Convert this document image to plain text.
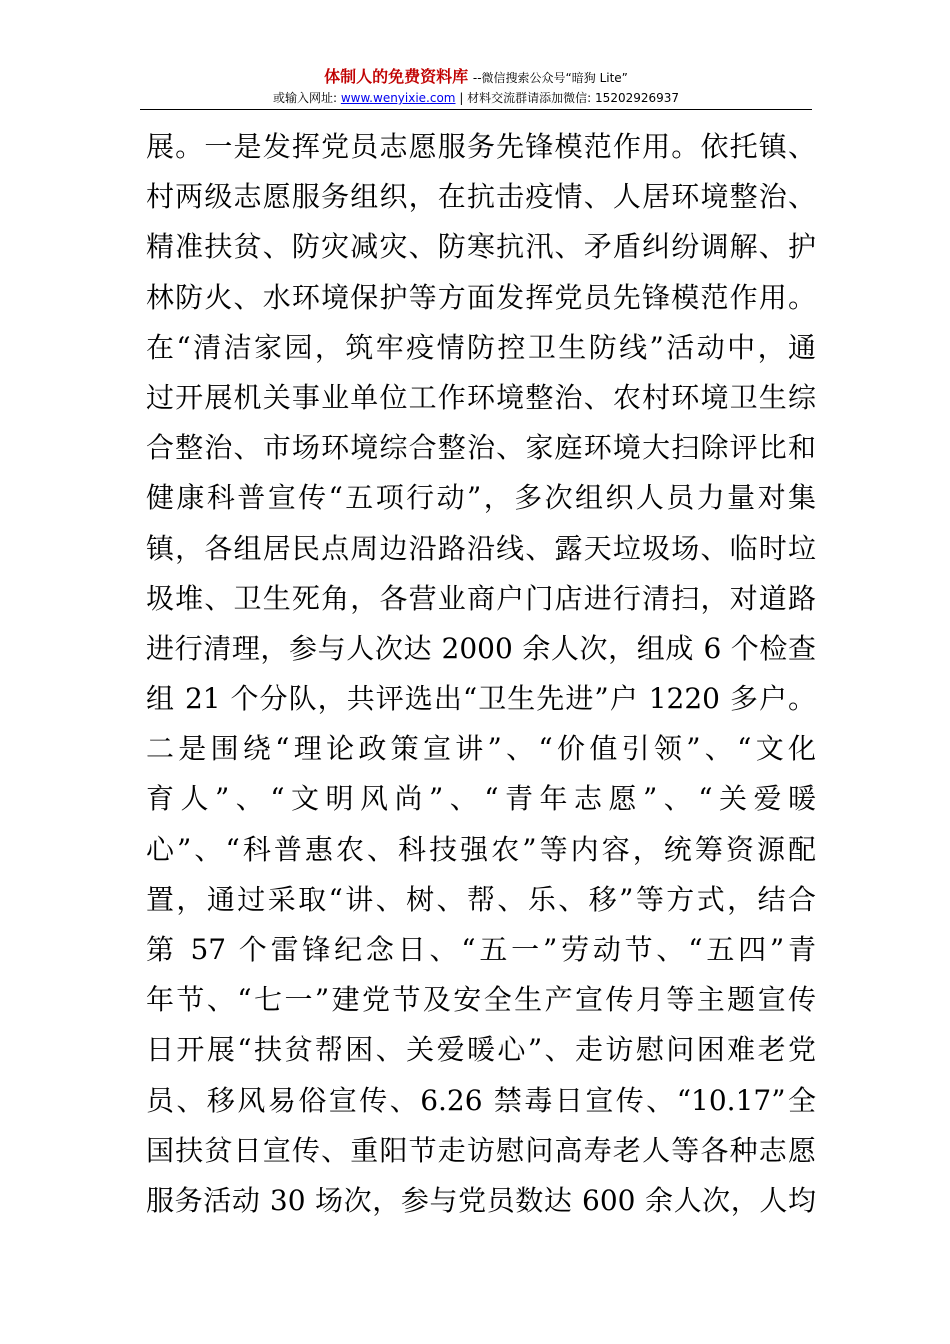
体制人的免费资料库 --微信搜索公众号“暗狗 Lite”
或输入网址: www.wenyixie.com | 材料交流群请添加微信: 15202926937
展。一是发挥党员志愿服务先锋模范作用。依托镇、
村两级志愿服务组织，在抗击疫情、人居环境整治、
精准扶贫、防灾减灾、防寒抗汛、矛盾纠纷调解、护
林防火、水环境保护等方面发挥党员先锋模范作用。
在“清洁家园，筑牢疫情防控卫生防线”活动中，通
过开展机关事业单位工作环境整治、农村环境卫生综
合整治、市场环境综合整治、家庭环境大扫除评比和
健康科普宣传“五项行动”，多次组织人员力量对集
镇，各组居民点周边沿路沿线、露天垃圾场、临时垃
圾堆、卫生死角，各营业商户门店进行清扫，对道路
进行清理，参与人次达 2000 余人次，组成 6 个检查
组 21 个分队，共评选出“卫生先进”户 1220 多户。
二是围绕“理论政策宣讲”、“价值引领”、“文化
育人”、“文明风尚”、“青年志愿”、“关爱暖
心”、“科普惠农、科技强农”等内容，统筹资源配
置，通过采取“讲、树、帮、乐、移”等方式，结合
第 57 个雷锋纪念日、“五一”劳动节、“五四”青
年节、“七一”建党节及安全生产宣传月等主题宣传
日开展“扶贫帮困、关爱暖心”、走访慰问困难老党
员、移风易俗宣传、6.26 禁毒日宣传、“10.17”全
国扶贫日宣传、重阳节走访慰问高寿老人等各种志愿
服务活动 30 场次，参与党员数达 600 余人次，人均
